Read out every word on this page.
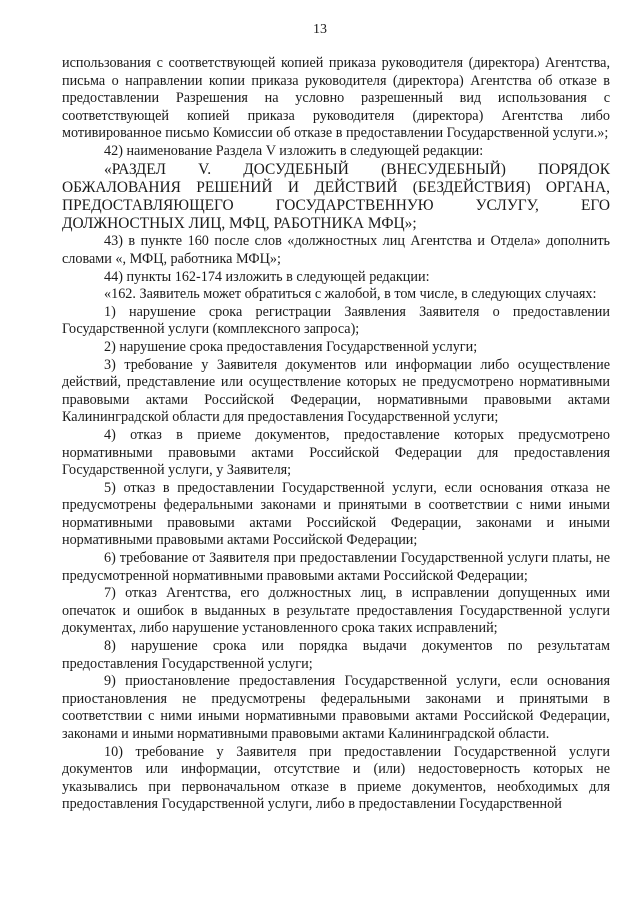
13

использования с соответствующей копией приказа руководителя (директора) Агентства, письма о направлении копии приказа руководителя (директора) Агентства об отказе в предоставлении Разрешения на условно разрешенный вид использования с соответствующей копией приказа руководителя (директора) Агентства либо мотивированное письмо Комиссии об отказе в предоставлении Государственной услуги.»;

42) наименование Раздела V изложить в следующей редакции:

«РАЗДЕЛ V. ДОСУДЕБНЫЙ (ВНЕСУДЕБНЫЙ) ПОРЯДОК ОБЖАЛОВАНИЯ РЕШЕНИЙ И ДЕЙСТВИЙ (БЕЗДЕЙСТВИЯ) ОРГАНА, ПРЕДОСТАВЛЯЮЩЕГО ГОСУДАРСТВЕННУЮ УСЛУГУ, ЕГО ДОЛЖНОСТНЫХ ЛИЦ, МФЦ, РАБОТНИКА МФЦ»;

43) в пункте 160 после слов «должностных лиц Агентства и Отдела» дополнить словами «, МФЦ, работника МФЦ»;

44) пункты 162-174 изложить в следующей редакции:

«162. Заявитель может обратиться с жалобой, в том числе, в следующих случаях:

1) нарушение срока регистрации Заявления Заявителя о предоставлении Государственной услуги (комплексного запроса);

2) нарушение срока предоставления Государственной услуги;

3) требование у Заявителя документов или информации либо осуществление действий, представление или осуществление которых не предусмотрено нормативными правовыми актами Российской Федерации, нормативными правовыми актами Калининградской области для предоставления Государственной услуги;

4) отказ в приеме документов, предоставление которых предусмотрено нормативными правовыми актами Российской Федерации для предоставления Государственной услуги, у Заявителя;

5) отказ в предоставлении Государственной услуги, если основания отказа не предусмотрены федеральными законами и принятыми в соответствии с ними иными нормативными правовыми актами Российской Федерации, законами и иными нормативными правовыми актами Российской Федерации;

6) требование от Заявителя при предоставлении Государственной услуги платы, не предусмотренной нормативными правовыми актами Российской Федерации;

7) отказ Агентства, его должностных лиц, в исправлении допущенных ими опечаток и ошибок в выданных в результате предоставления Государственной услуги документах, либо нарушение установленного срока таких исправлений;

8) нарушение срока или порядка выдачи документов по результатам предоставления Государственной услуги;

9) приостановление предоставления Государственной услуги, если основания приостановления не предусмотрены федеральными законами и принятыми в соответствии с ними иными нормативными правовыми актами Российской Федерации, законами и иными нормативными правовыми актами Калининградской области.

10) требование у Заявителя при предоставлении Государственной услуги документов или информации, отсутствие и (или) недостоверность которых не указывались при первоначальном отказе в приеме документов, необходимых для предоставления Государственной услуги, либо в предоставлении Государственной
